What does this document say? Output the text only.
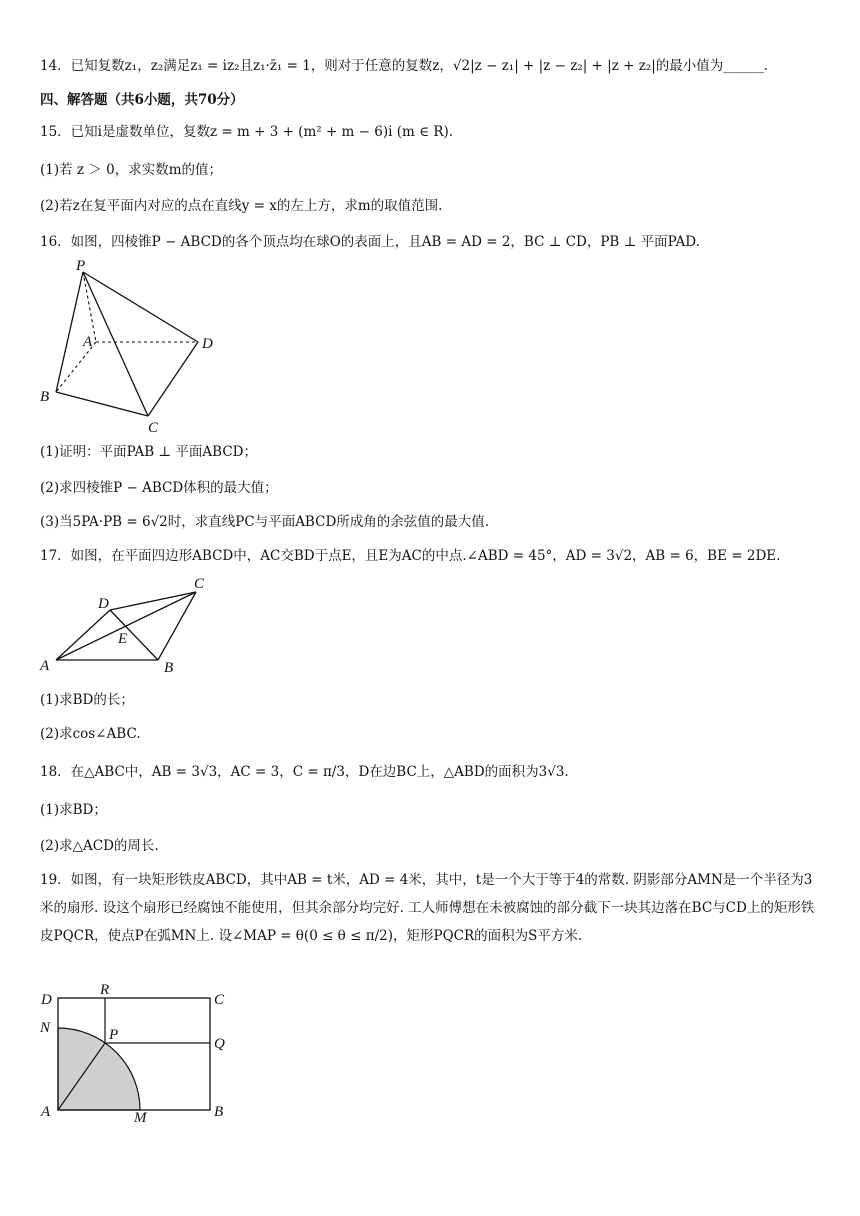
14．已知复数z₁，z₂满足z₁ = iz₂且z₁·z̄₁ = 1，则对于任意的复数z，√2|z − z₁| + |z − z₂| + |z + z₂|的最小值为______.
四、解答题（共6小题，共70分）
15．已知i是虚数单位，复数z = m + 3 + (m² + m − 6)i (m ∈ R).
(1)若 z ＞ 0，求实数m的值；
(2)若z在复平面内对应的点在直线y = x的左上方，求m的取值范围.
16．如图，四棱锥P − ABCD的各个顶点均在球O的表面上，且AB = AD = 2，BC ⊥ CD，PB ⊥ 平面PAD.
P
A
B
C
D
(1)证明：平面PAB ⊥ 平面ABCD；
(2)求四棱锥P − ABCD体积的最大值；
(3)当5PA·PB = 6√2时，求直线PC与平面ABCD所成角的余弦值的最大值.
17．如图，在平面四边形ABCD中，AC交BD于点E，且E为AC的中点.∠ABD = 45°，AD = 3√2，AB = 6，BE = 2DE.
A	B
C
D
E
(1)求BD的长；
(2)求cos∠ABC.
18．在△ABC中，AB = 3√3，AC = 3，C = π/3，D在边BC上，△ABD的面积为3√3.
(1)求BD；
(2)求△ACD的周长.
19．如图，有一块矩形铁皮ABCD，其中AB = t米，AD = 4米，其中，t是一个大于等于4的常数. 阴影部分AMN是一个半径为3米的扇形. 设这个扇形已经腐蚀不能使用，但其余部分均完好. 工人师傅想在未被腐蚀的部分截下一块其边落在BC与CD上的矩形铁皮PQCR，使点P在弧MN上. 设∠MAP = θ(0 ≤ θ ≤ π/2)，矩形PQCR的面积为S平方米.
D
R
C
N	P
Q
A	M	B
